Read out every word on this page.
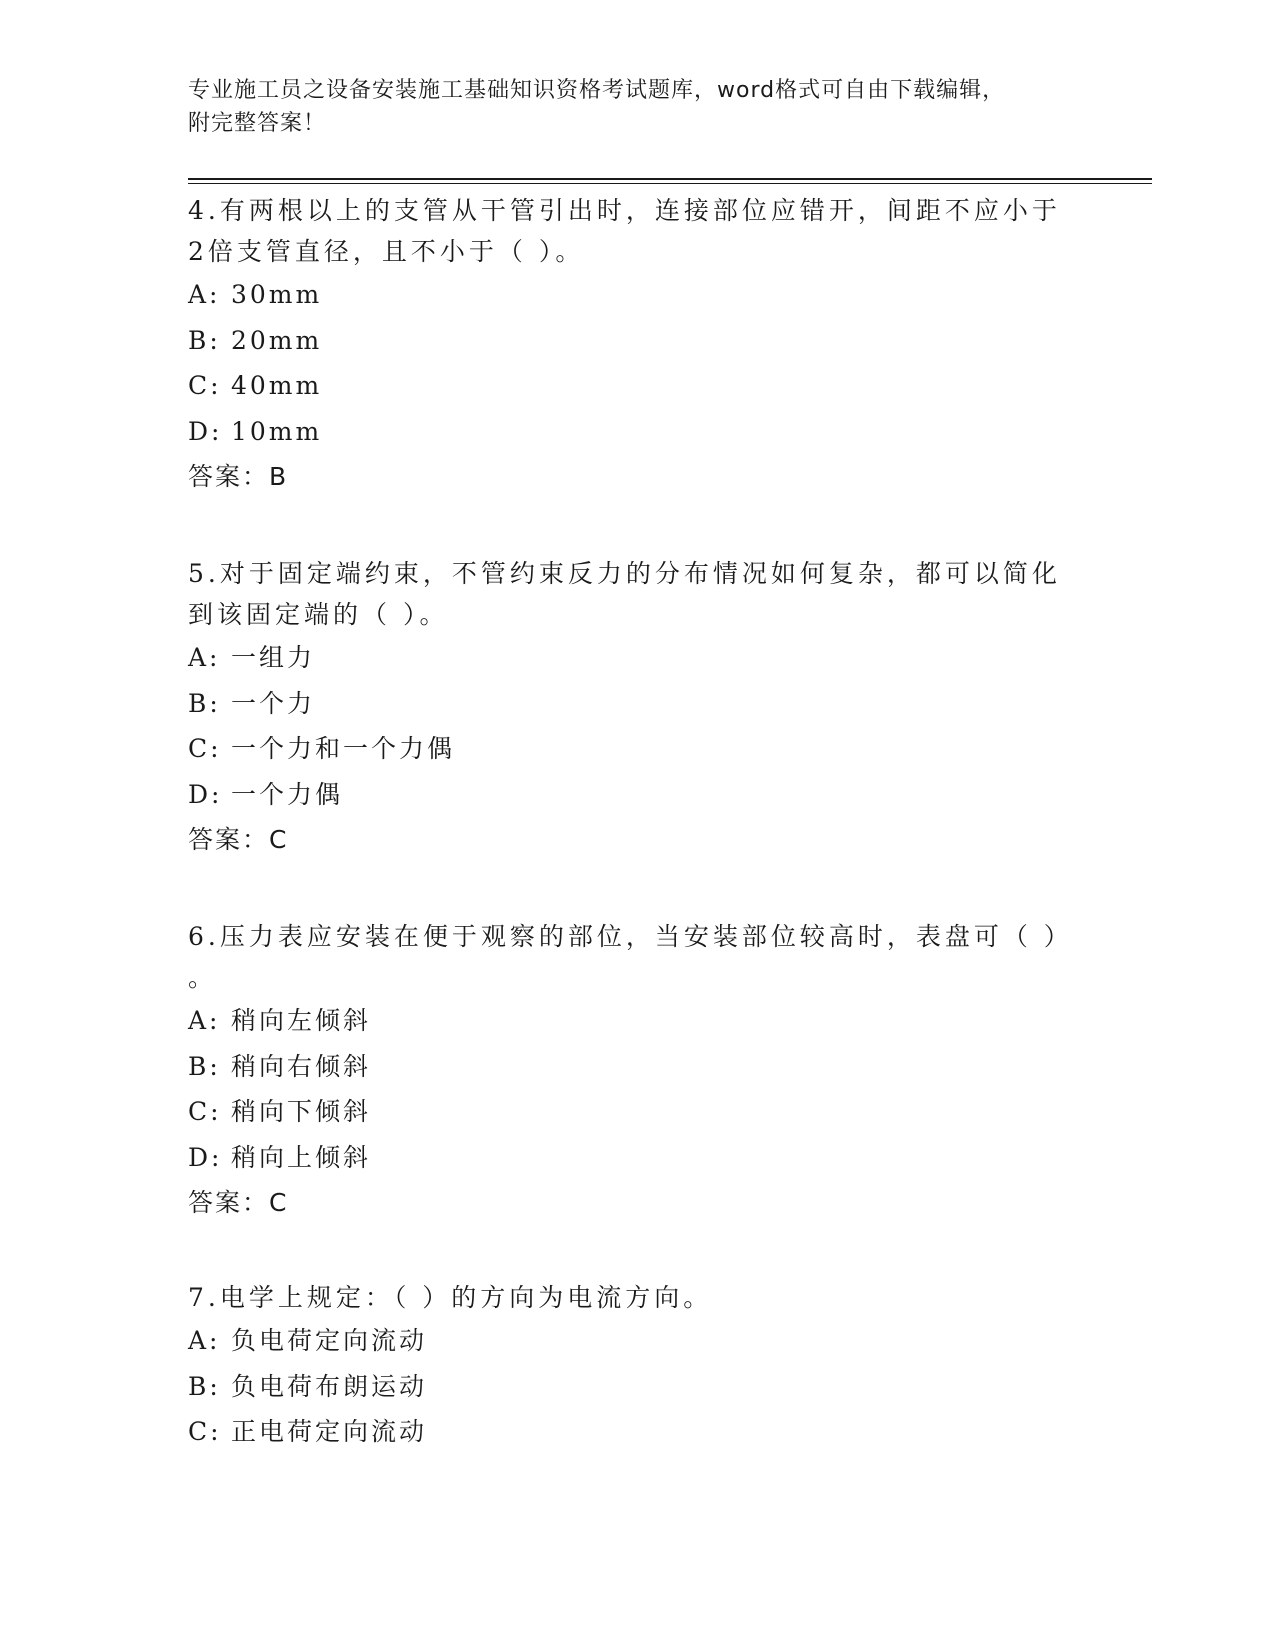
专业施工员之设备安装施工基础知识资格考试题库，word格式可自由下载编辑，
附完整答案！
4.有两根以上的支管从干管引出时，连接部位应错开，间距不应小于
2倍支管直径，且不小于（ ）。
A: 30mm
B: 20mm
C: 40mm
D: 10mm
答案：B
5.对于固定端约束，不管约束反力的分布情况如何复杂，都可以简化
到该固定端的（ ）。
A: 一组力
B: 一个力
C: 一个力和一个力偶
D: 一个力偶
答案：C
6.压力表应安装在便于观察的部位，当安装部位较高时，表盘可（ ）
。
A: 稍向左倾斜
B: 稍向右倾斜
C: 稍向下倾斜
D: 稍向上倾斜
答案：C
7.电学上规定：（ ）的方向为电流方向。
A: 负电荷定向流动
B: 负电荷布朗运动
C: 正电荷定向流动
